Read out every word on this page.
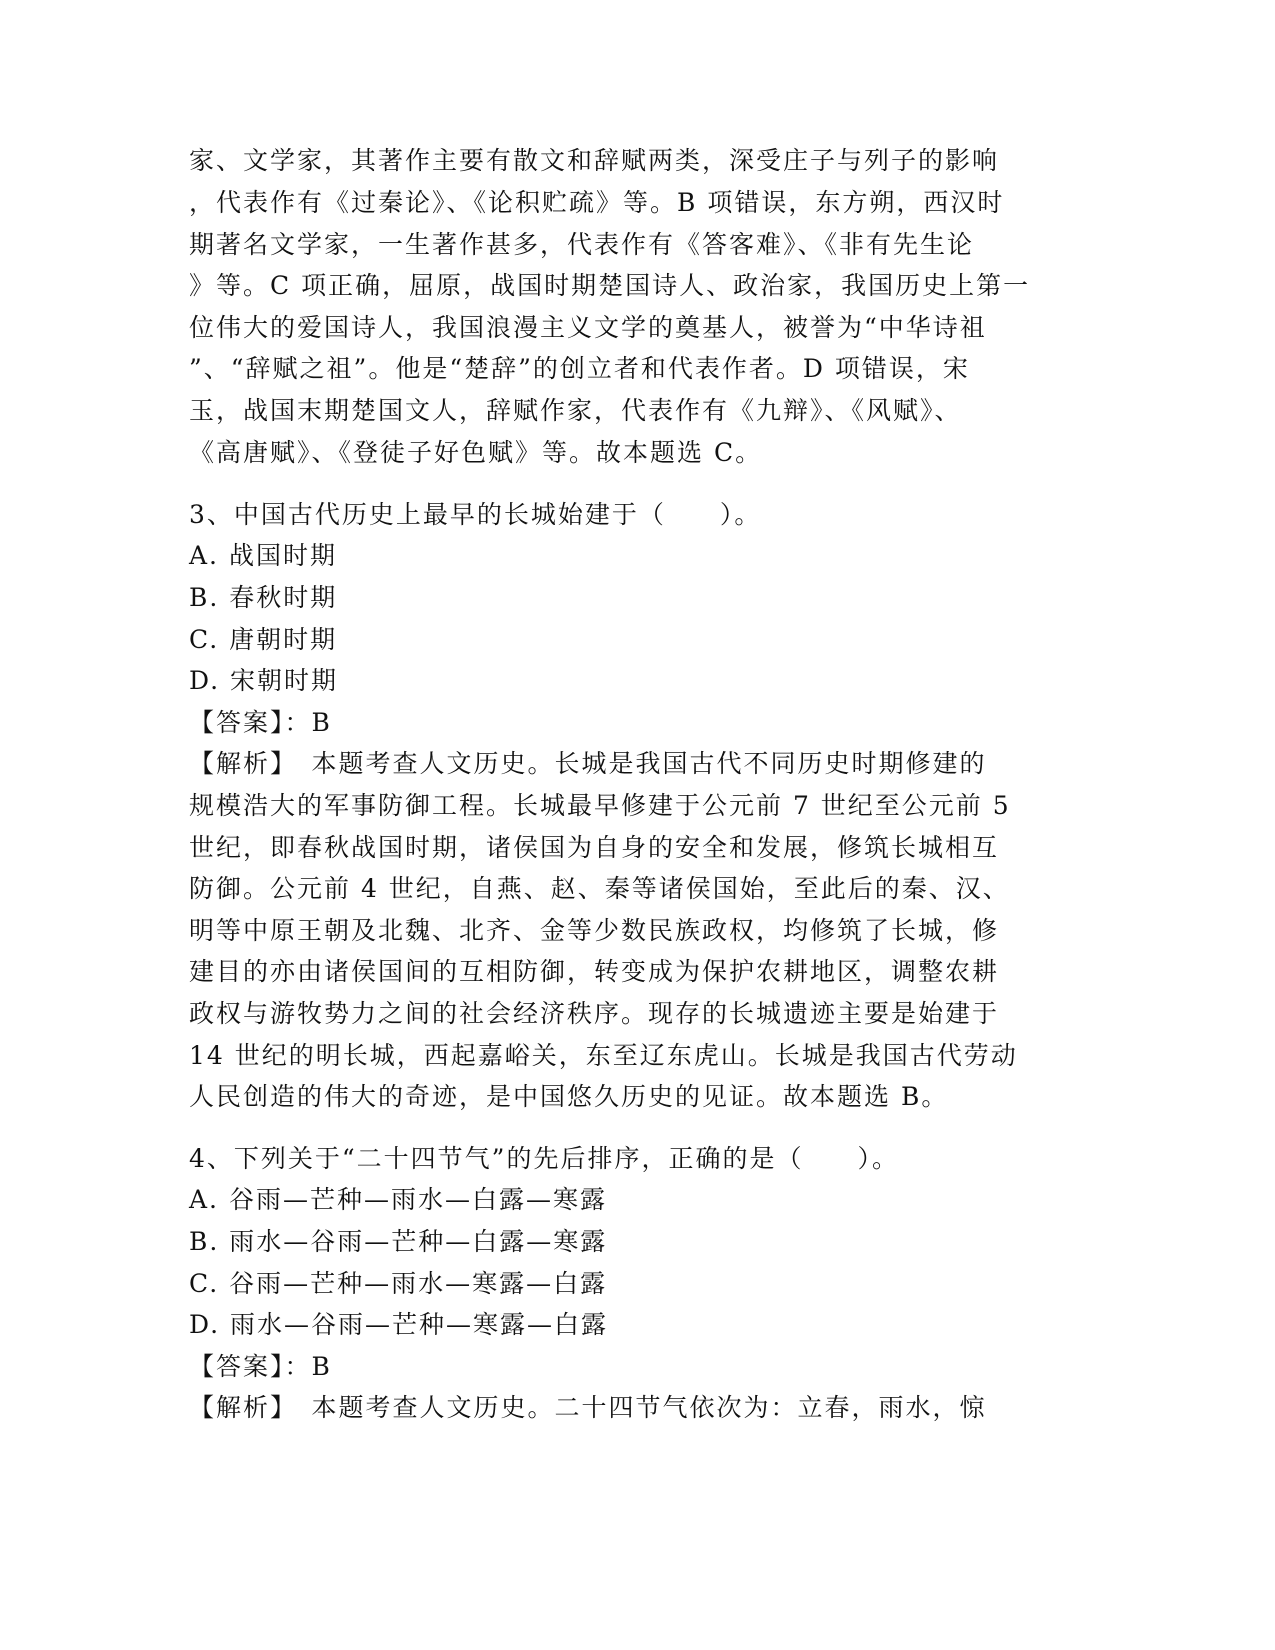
家、文学家，其著作主要有散文和辞赋两类，深受庄子与列子的影响
，代表作有《过秦论》、《论积贮疏》等。B 项错误，东方朔，西汉时
期著名文学家，一生著作甚多，代表作有《答客难》、《非有先生论
》等。C 项正确，屈原，战国时期楚国诗人、政治家，我国历史上第一
位伟大的爱国诗人，我国浪漫主义文学的奠基人，被誉为“中华诗祖
”、“辞赋之祖”。他是“楚辞”的创立者和代表作者。D 项错误，宋
玉，战国末期楚国文人，辞赋作家，代表作有《九辩》、《风赋》、
《高唐赋》、《登徒子好色赋》等。故本题选 C。
3、中国古代历史上最早的长城始建于（　　）。
A. 战国时期
B. 春秋时期
C. 唐朝时期
D. 宋朝时期
【答案】：B
【解析】　本题考查人文历史。长城是我国古代不同历史时期修建的
规模浩大的军事防御工程。长城最早修建于公元前 7 世纪至公元前 5
世纪，即春秋战国时期，诸侯国为自身的安全和发展，修筑长城相互
防御。公元前 4 世纪，自燕、赵、秦等诸侯国始，至此后的秦、汉、
明等中原王朝及北魏、北齐、金等少数民族政权，均修筑了长城，修
建目的亦由诸侯国间的互相防御，转变成为保护农耕地区，调整农耕
政权与游牧势力之间的社会经济秩序。现存的长城遗迹主要是始建于
14 世纪的明长城，西起嘉峪关，东至辽东虎山。长城是我国古代劳动
人民创造的伟大的奇迹，是中国悠久历史的见证。故本题选 B。
4、下列关于“二十四节气”的先后排序，正确的是（　　）。
A. 谷雨—芒种—雨水—白露—寒露
B. 雨水—谷雨—芒种—白露—寒露
C. 谷雨—芒种—雨水—寒露—白露
D. 雨水—谷雨—芒种—寒露—白露
【答案】：B
【解析】　本题考查人文历史。二十四节气依次为：立春，雨水，惊
